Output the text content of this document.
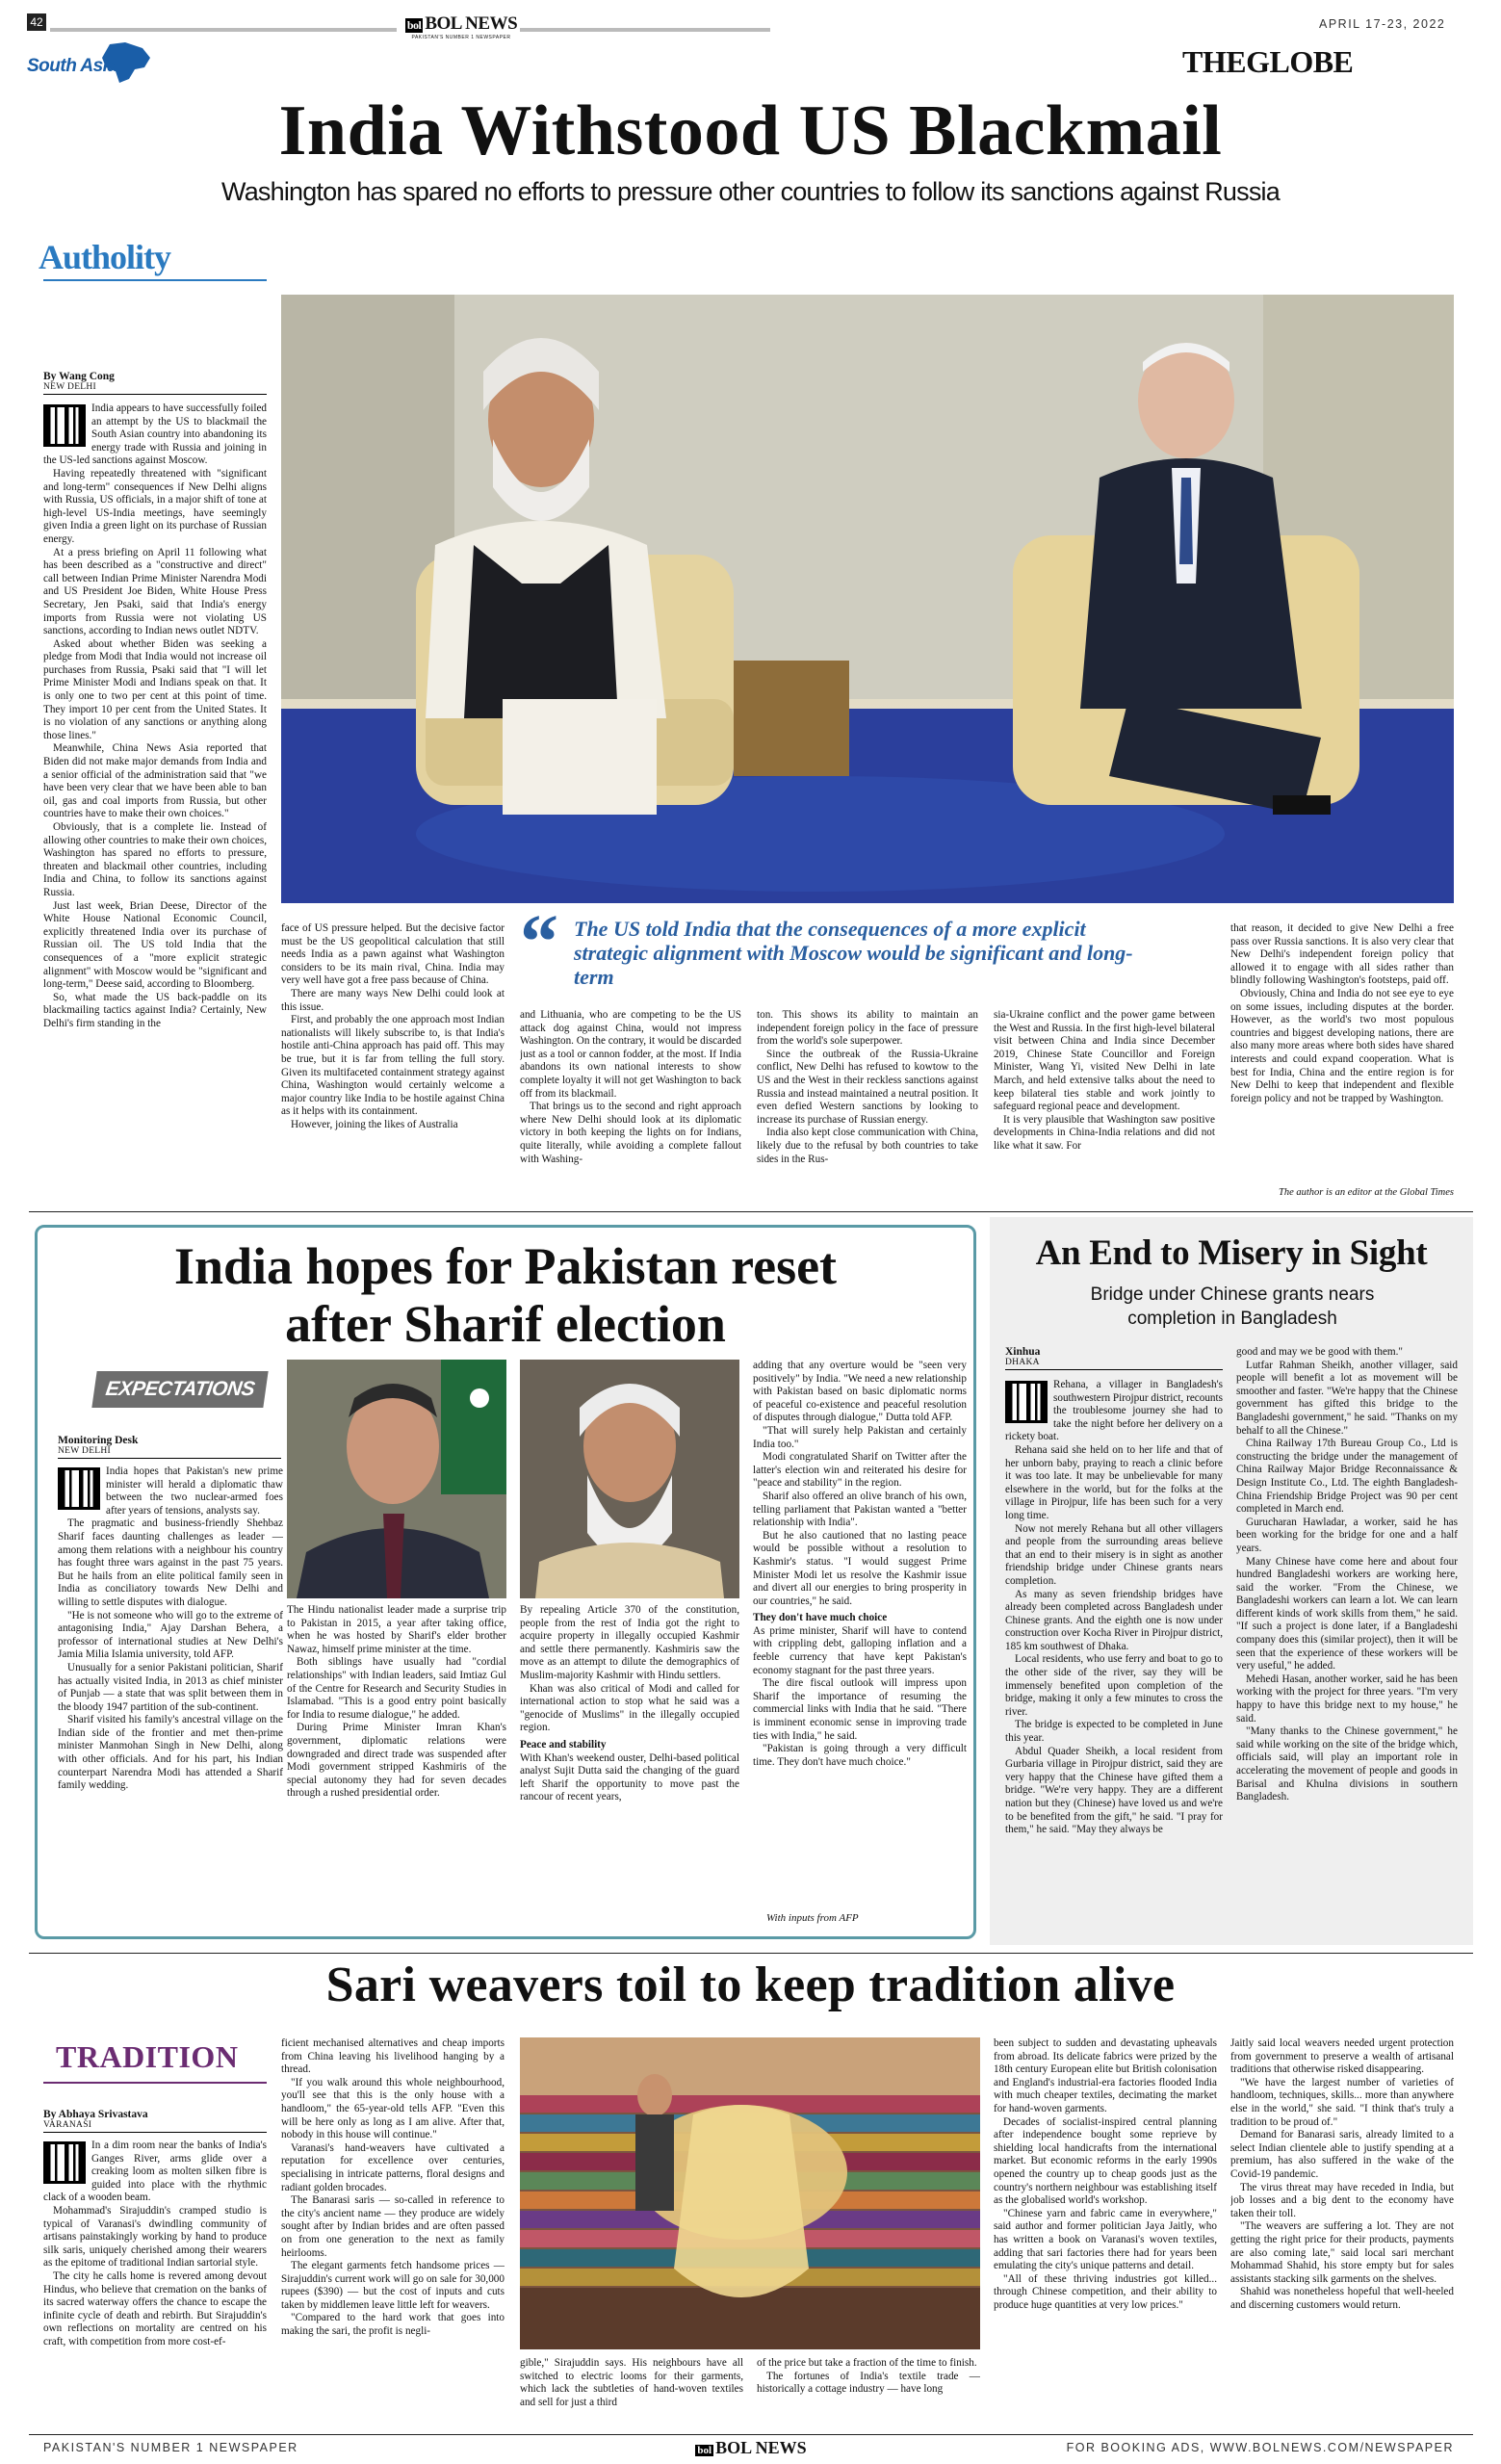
42	bol BOL NEWS
PAKISTAN'S NUMBER 1 NEWSPAPER
APRIL 17-23, 2022
South Asia	THEGLOBE
India Withstood US Blackmail
Washington has spared no efforts to pressure other countries to follow its sanctions against Russia
Autholity
By Wang Cong
NEW DELHI

India appears to have successfully foiled an attempt by the US to blackmail the South Asian country into abandoning its energy trade with Russia and joining in the US-led sanctions against Moscow.

Having repeatedly threatened with "significant and long-term" consequences if New Delhi aligns with Russia, US officials, in a major shift of tone at high-level US-India meetings, have seemingly given India a green light on its purchase of Russian energy.

At a press briefing on April 11 following what has been described as a "constructive and direct" call between Indian Prime Minister Narendra Modi and US President Joe Biden, White House Press Secretary, Jen Psaki, said that India's energy imports from Russia were not violating US sanctions, according to Indian news outlet NDTV.

Asked about whether Biden was seeking a pledge from Modi that India would not increase oil purchases from Russia, Psaki said that "I will let Prime Minister Modi and Indians speak on that. It is only one to two per cent at this point of time. They import 10 per cent from the United States. It is no violation of any sanctions or anything along those lines."

Meanwhile, China News Asia reported that Biden did not make major demands from India and a senior official of the administration said that "we have been very clear that we have been able to ban oil, gas and coal imports from Russia, but other countries have to make their own choices."

Obviously, that is a complete lie. Instead of allowing other countries to make their own choices, Washington has spared no efforts to pressure, threaten and blackmail other countries, including India and China, to follow its sanctions against Russia.

Just last week, Brian Deese, Director of the White House National Economic Council, explicitly threatened India over its purchase of Russian oil. The US told India that the consequences of a "more explicit strategic alignment" with Moscow would be "significant and long-term," Deese said, according to Bloomberg.

So, what made the US back-paddle on its blackmailing tactics against India? Certainly, New Delhi's firm standing in the

“ The US told India that the consequences of a more explicit strategic alignment with Moscow would be significant and long-term

face of US pressure helped. But the decisive factor must be the US geopolitical calculation that still needs India as a pawn against what Washington considers to be its main rival, China. India may very well have got a free pass because of China.

There are many ways New Delhi could look at this issue.

First, and probably the one approach most Indian nationalists will likely subscribe to, is that India's hostile anti-China approach has paid off. This may be true, but it is far from telling the full story. Given its multifaceted containment strategy against China, Washington would certainly welcome a major country like India to be hostile against China as it helps with its containment.

However, joining the likes of Australia

and Lithuania, who are competing to be the US attack dog against China, would not impress Washington. On the contrary, it would be discarded just as a tool or cannon fodder, at the most. If India abandons its own national interests to show complete loyalty it will not get Washington to back off from its blackmail.

That brings us to the second and right approach where New Delhi should look at its diplomatic victory in both keeping the lights on for Indians, quite literally, while avoiding a complete fallout with Washing-

ton. This shows its ability to maintain an independent foreign policy in the face of pressure from the world's sole superpower.

Since the outbreak of the Russia-Ukraine conflict, New Delhi has refused to kowtow to the US and the West in their reckless sanctions against Russia and instead maintained a neutral position. It even defied Western sanctions by looking to increase its purchase of Russian energy.

India also kept close communication with China, likely due to the refusal by both countries to take sides in the Rus-

sia-Ukraine conflict and the power game between the West and Russia. In the first high-level bilateral visit between China and India since December 2019, Chinese State Councillor and Foreign Minister, Wang Yi, visited New Delhi in late March, and held extensive talks about the need to keep bilateral ties stable and work jointly to safeguard regional peace and development.

It is very plausible that Washington saw positive developments in China-India relations and did not like what it saw. For

that reason, it decided to give New Delhi a free pass over Russia sanctions. It is also very clear that New Delhi's independent foreign policy that allowed it to engage with all sides rather than blindly following Washington's footsteps, paid off.

Obviously, China and India do not see eye to eye on some issues, including disputes at the border. However, as the world's two most populous countries and biggest developing nations, there are also many more areas where both sides have shared interests and could expand cooperation. What is best for India, China and the entire region is for New Delhi to keep that independent and flexible foreign policy and not be trapped by Washington.

The author is an editor at the Global Times
India hopes for Pakistan reset
after Sharif election
EXPECTATIONS
Monitoring Desk
NEW DELHI

India hopes that Pakistan's new prime minister will herald a diplomatic thaw between the two nuclear-armed foes after years of tensions, analysts say.

The pragmatic and business-friendly Shehbaz Sharif faces daunting challenges as leader — among them relations with a neighbour his country has fought three wars against in the past 75 years. But he hails from an elite political family seen in India as conciliatory towards New Delhi and willing to settle disputes with dialogue.

"He is not someone who will go to the extreme of antagonising India," Ajay Darshan Behera, a professor of international studies at New Delhi's Jamia Milia Islamia university, told AFP.

Unusually for a senior Pakistani politician, Sharif has actually visited India, in 2013 as chief minister of Punjab — a state that was split between them in the bloody 1947 partition of the sub-continent.

Sharif visited his family's ancestral village on the Indian side of the frontier and met then-prime minister Manmohan Singh in New Delhi, along with other officials. And for his part, his Indian counterpart Narendra Modi has attended a Sharif family wedding.

The Hindu nationalist leader made a surprise trip to Pakistan in 2015, a year after taking office, when he was hosted by Sharif's elder brother Nawaz, himself prime minister at the time.

Both siblings have usually had "cordial relationships" with Indian leaders, said Imtiaz Gul of the Centre for Research and Security Studies in Islamabad. "This is a good entry point basically for India to resume dialogue," he added.

During Prime Minister Imran Khan's government, diplomatic relations were downgraded and direct trade was suspended after Modi government stripped Kashmiris of the special autonomy they had for seven decades through a rushed presidential order.

By repealing Article 370 of the constitution, people from the rest of India got the right to acquire property in illegally occupied Kashmir and settle there permanently. Kashmiris saw the move as an attempt to dilute the demographics of Muslim-majority Kashmir with Hindu settlers.

Khan was also critical of Modi and called for international action to stop what he said was a "genocide of Muslims" in the illegally occupied region.

Peace and stability

With Khan's weekend ouster, Delhi-based political analyst Sujit Dutta said the changing of the guard left Sharif the opportunity to move past the rancour of recent years,

adding that any overture would be "seen very positively" by India. "We need a new relationship with Pakistan based on basic diplomatic norms of peaceful co-existence and peaceful resolution of disputes through dialogue," Dutta told AFP.

"That will surely help Pakistan and certainly India too."

Modi congratulated Sharif on Twitter after the latter's election win and reiterated his desire for "peace and stability" in the region.

Sharif also offered an olive branch of his own, telling parliament that Pakistan wanted a "better relationship with India".

But he also cautioned that no lasting peace would be possible without a resolution to Kashmir's status. "I would suggest Prime Minister Modi let us resolve the Kashmir issue and divert all our energies to bring prosperity in our countries," he said.

They don't have much choice

As prime minister, Sharif will have to contend with crippling debt, galloping inflation and a feeble currency that have kept Pakistan's economy stagnant for the past three years.

The dire fiscal outlook will impress upon Sharif the importance of resuming the commercial links with India that he said. "There is imminent economic sense in improving trade ties with India," he said.

"Pakistan is going through a very difficult time. They don't have much choice."

With inputs from AFP
An End to Misery in Sight
Bridge under Chinese grants nears completion in Bangladesh
Xinhua
DHAKA

Rehana, a villager in Bangladesh's southwestern Pirojpur district, recounts the troublesome journey she had to take the night before her delivery on a rickety boat.

Rehana said she held on to her life and that of her unborn baby, praying to reach a clinic before it was too late. It may be unbelievable for many elsewhere in the world, but for the folks at the village in Pirojpur, life has been such for a very long time.

Now not merely Rehana but all other villagers and people from the surrounding areas believe that an end to their misery is in sight as another friendship bridge under Chinese grants nears completion.

As many as seven friendship bridges have already been completed across Bangladesh under Chinese grants. And the eighth one is now under construction over Kocha River in Pirojpur district, 185 km southwest of Dhaka.

Local residents, who use ferry and boat to go to the other side of the river, say they will be immensely benefited upon completion of the bridge, making it only a few minutes to cross the river.

The bridge is expected to be completed in June this year.

Abdul Quader Sheikh, a local resident from Gurbaria village in Pirojpur district, said they are very happy that the Chinese have gifted them a bridge. "We're very happy. They are a different nation but they (Chinese) have loved us and we're to be benefited from the gift," he said. "I pray for them," he said. "May they always be

good and may we be good with them."

Lutfar Rahman Sheikh, another villager, said people will benefit a lot as movement will be smoother and faster. "We're happy that the Chinese government has gifted this bridge to the Bangladeshi government," he said. "Thanks on my behalf to all the Chinese."

China Railway 17th Bureau Group Co., Ltd is constructing the bridge under the management of China Railway Major Bridge Reconnaissance & Design Institute Co., Ltd. The eighth Bangladesh-China Friendship Bridge Project was 90 per cent completed in March end.

Gurucharan Hawladar, a worker, said he has been working for the bridge for one and a half years.

Many Chinese have come here and about four hundred Bangladeshi workers are working here, said the worker. "From the Chinese, we Bangladeshi workers can learn a lot. We can learn different kinds of work skills from them," he said. "If such a project is done later, if a Bangladeshi company does this (similar project), then it will be seen that the experience of these workers will be very useful," he added.

Mehedi Hasan, another worker, said he has been working with the project for three years. "I'm very happy to have this bridge next to my house," he said.

"Many thanks to the Chinese government," he said while working on the site of the bridge which, officials said, will play an important role in accelerating the movement of people and goods in Barisal and Khulna divisions in southern Bangladesh.

Sari weavers toil to keep tradition alive
TRADITION
By Abhaya Srivastava
VARANASI

In a dim room near the banks of India's Ganges River, arms glide over a creaking loom as molten silken fibre is guided into place with the rhythmic clack of a wooden beam.

Mohammad's Sirajuddin's cramped studio is typical of Varanasi's dwindling community of artisans painstakingly working by hand to produce silk saris, uniquely cherished among their wearers as the epitome of traditional Indian sartorial style.

The city he calls home is revered among devout Hindus, who believe that cremation on the banks of its sacred waterway offers the chance to escape the infinite cycle of death and rebirth. But Sirajuddin's own reflections on mortality are centred on his craft, with competition from more cost-ef-

ficient mechanised alternatives and cheap imports from China leaving his livelihood hanging by a thread.

"If you walk around this whole neighbourhood, you'll see that this is the only house with a handloom," the 65-year-old tells AFP. "Even this will be here only as long as I am alive. After that, nobody in this house will continue."

Varanasi's hand-weavers have cultivated a reputation for excellence over centuries, specialising in intricate patterns, floral designs and radiant golden brocades.

The Banarasi saris — so-called in reference to the city's ancient name — they produce are widely sought after by Indian brides and are often passed on from one generation to the next as family heirlooms.

The elegant garments fetch handsome prices — Sirajuddin's current work will go on sale for 30,000 rupees ($390) — but the cost of inputs and cuts taken by middlemen leave little left for weavers.

"Compared to the hard work that goes into making the sari, the profit is negli-

gible," Sirajuddin says. His neighbours have all switched to electric looms for their garments, which lack the subtleties of hand-woven textiles and sell for just a third

of the price but take a fraction of the time to finish.

The fortunes of India's textile trade — historically a cottage industry — have long

been subject to sudden and devastating upheavals from abroad. Its delicate fabrics were prized by the 18th century European elite but British colonisation and England's industrial-era factories flooded India with much cheaper textiles, decimating the market for hand-woven garments.

Decades of socialist-inspired central planning after independence bought some reprieve by shielding local handicrafts from the international market. But economic reforms in the early 1990s opened the country up to cheap goods just as the country's northern neighbour was establishing itself as the globalised world's workshop.

"Chinese yarn and fabric came in everywhere," said author and former politician Jaya Jaitly, who has written a book on Varanasi's woven textiles, adding that sari factories there had for years been emulating the city's unique patterns and detail.

"All of these thriving industries got killed... through Chinese competition, and their ability to produce huge quantities at very low prices."

Jaitly said local weavers needed urgent protection from government to preserve a wealth of artisanal traditions that otherwise risked disappearing.

"We have the largest number of varieties of handloom, techniques, skills... more than anywhere else in the world," she said. "I think that's truly a tradition to be proud of."

Demand for Banarasi saris, already limited to a select Indian clientele able to justify spending at a premium, has also suffered in the wake of the Covid-19 pandemic.

The virus threat may have receded in India, but job losses and a big dent to the economy have taken their toll.

"The weavers are suffering a lot. They are not getting the right price for their products, payments are also coming late," said local sari merchant Mohammad Shahid, his store empty but for sales assistants stacking silk garments on the shelves.

Shahid was nonetheless hopeful that well-heeled and discerning customers would return.

PAKISTAN'S NUMBER 1 NEWSPAPER	bol BOL NEWS	FOR BOOKING ADS, WWW.BOLNEWS.COM/NEWSPAPER
